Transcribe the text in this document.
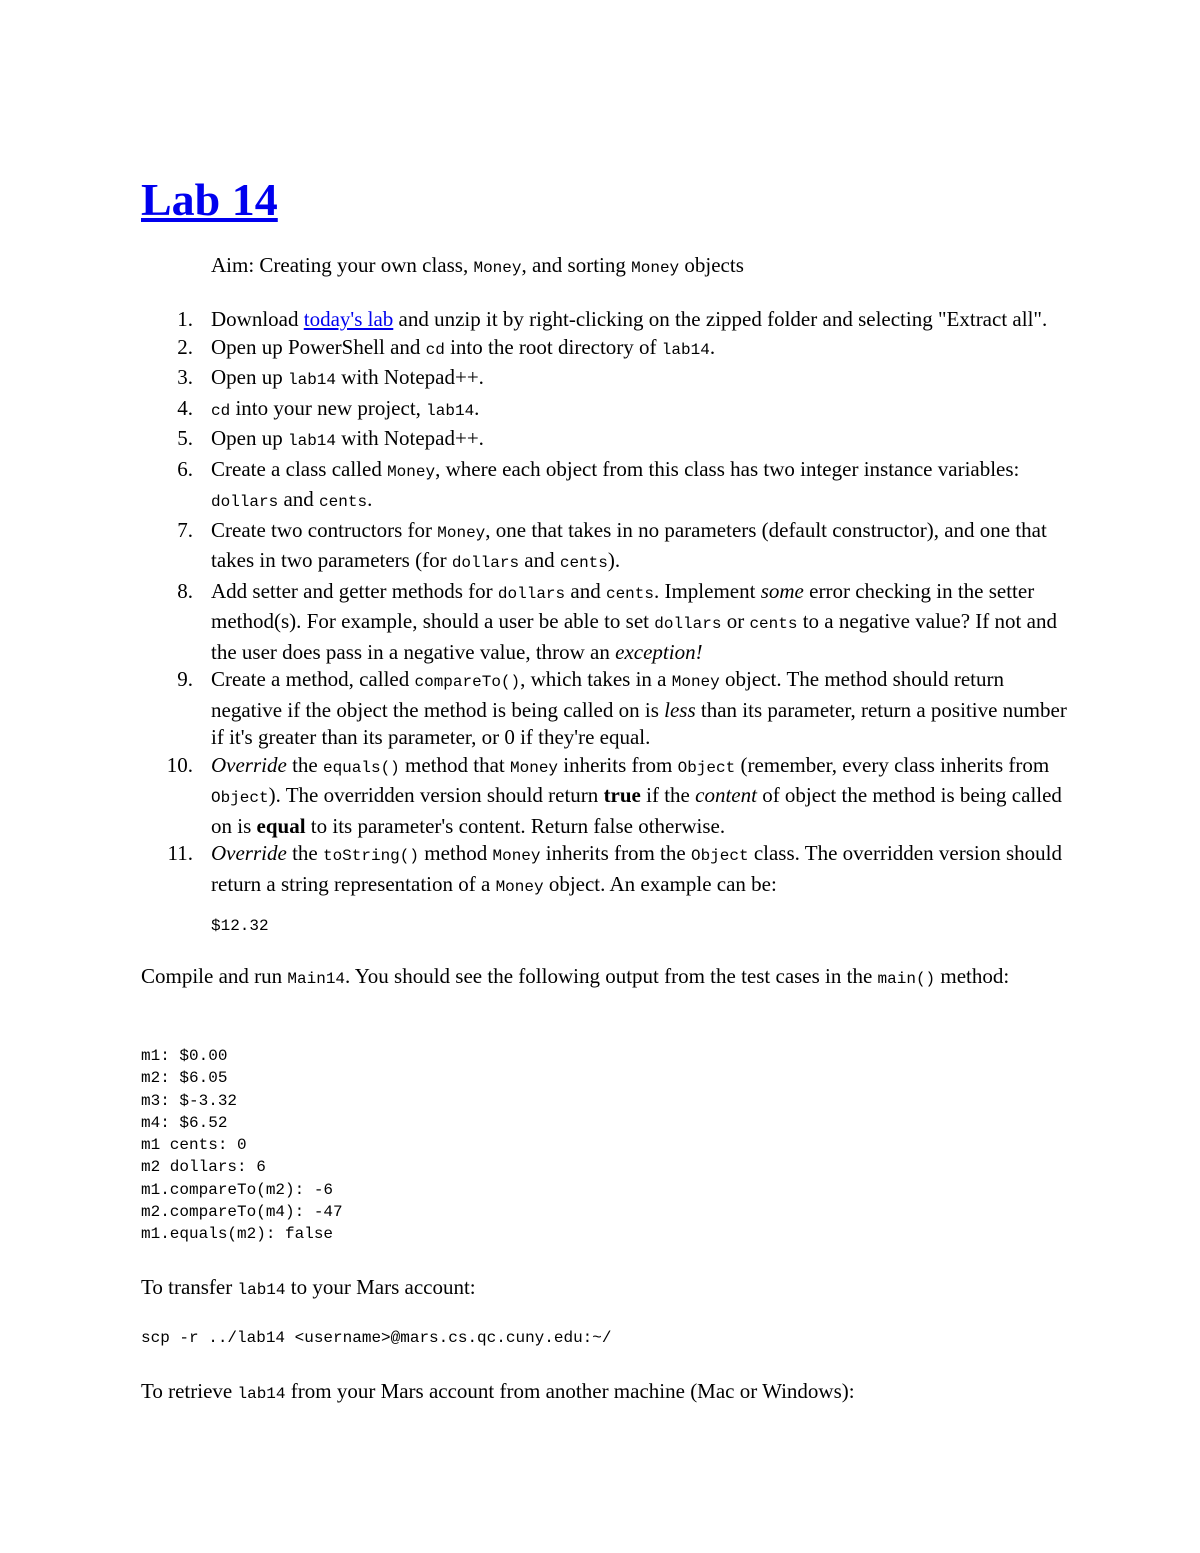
Lab 14

Aim: Creating your own class, Money, and sorting Money objects

1. Download today's lab and unzip it by right-clicking on the zipped folder and selecting "Extract all".
2. Open up PowerShell and cd into the root directory of lab14.
3. Open up lab14 with Notepad++.
4. cd into your new project, lab14.
5. Open up lab14 with Notepad++.
6. Create a class called Money, where each object from this class has two integer instance variables: dollars and cents.
7. Create two contructors for Money, one that takes in no parameters (default constructor), and one that takes in two parameters (for dollars and cents).
8. Add setter and getter methods for dollars and cents. Implement some error checking in the setter method(s). For example, should a user be able to set dollars or cents to a negative value? If not and the user does pass in a negative value, throw an exception!
9. Create a method, called compareTo(), which takes in a Money object. The method should return negative if the object the method is being called on is less than its parameter, return a positive number if it's greater than its parameter, or 0 if they're equal.
10. Override the equals() method that Money inherits from Object (remember, every class inherits from Object). The overridden version should return true if the content of object the method is being called on is equal to its parameter's content. Return false otherwise.
11. Override the toString() method Money inherits from the Object class. The overridden version should return a string representation of a Money object. An example can be:

$12.32

Compile and run Main14. You should see the following output from the test cases in the main() method:

m1: $0.00
m2: $6.05
m3: $-3.32
m4: $6.52
m1 cents: 0
m2 dollars: 6
m1.compareTo(m2): -6
m2.compareTo(m4): -47
m1.equals(m2): false

To transfer lab14 to your Mars account:

scp -r ../lab14 <username>@mars.cs.qc.cuny.edu:~/

To retrieve lab14 from your Mars account from another machine (Mac or Windows):
